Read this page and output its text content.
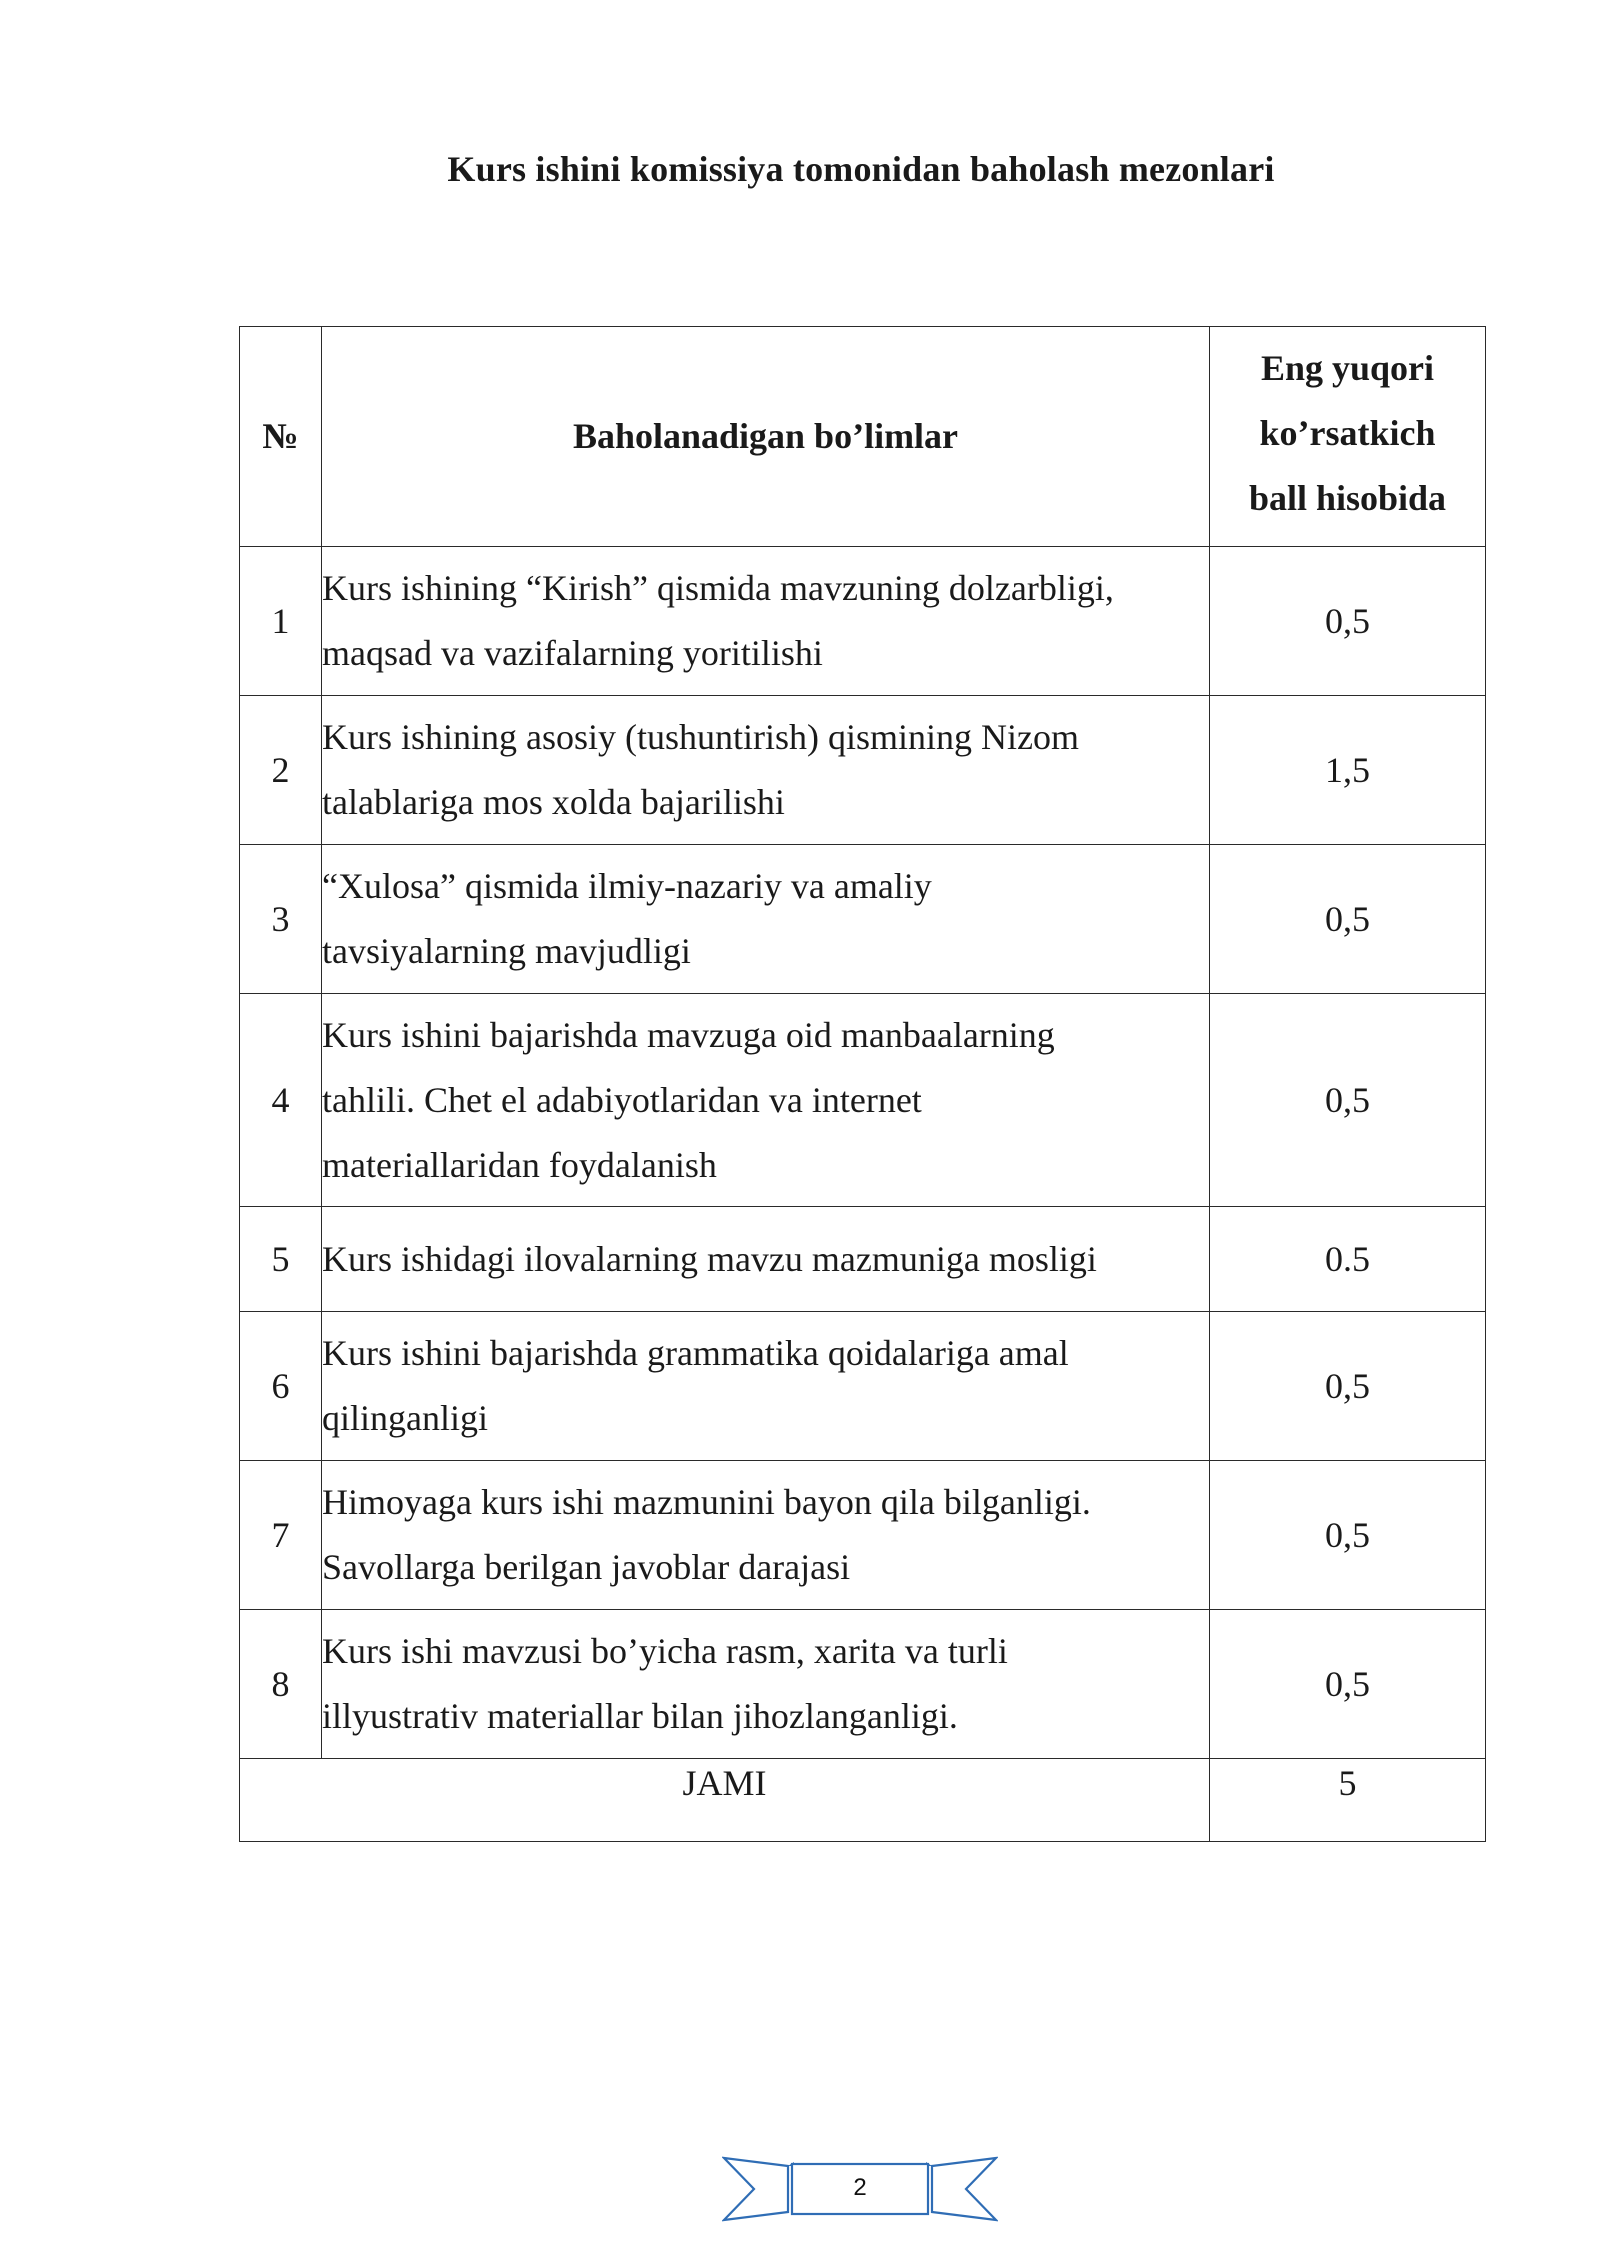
Kurs ishini komissiya tomonidan baholash mezonlari
№	Baholanadigan bo’limlar	Eng yuqori
ko’rsatkich
ball hisobida

1	Kurs ishining “Kirish” qismida mavzuning dolzarbligi,
maqsad va vazifalarning yoritilishi	0,5
2	Kurs ishining asosiy (tushuntirish) qismining Nizom
talablariga mos xolda bajarilishi	1,5
3	“Xulosa” qismida ilmiy-nazariy va amaliy
tavsiyalarning mavjudligi	0,5
4	Kurs ishini bajarishda mavzuga oid manbaalarning
tahlili. Chet el adabiyotlaridan va internet
materiallaridan foydalanish	0,5
5	Kurs ishidagi ilovalarning mavzu mazmuniga mosligi	0.5
6	Kurs ishini bajarishda grammatika qoidalariga amal
qilinganligi	0,5
7	Himoyaga kurs ishi mazmunini bayon qila bilganligi.
Savollarga berilgan javoblar darajasi	0,5
8	Kurs ishi mavzusi bo’yicha rasm, xarita va turli
illyustrativ materiallar bilan jihozlanganligi.	0,5
JAMI		5
2
